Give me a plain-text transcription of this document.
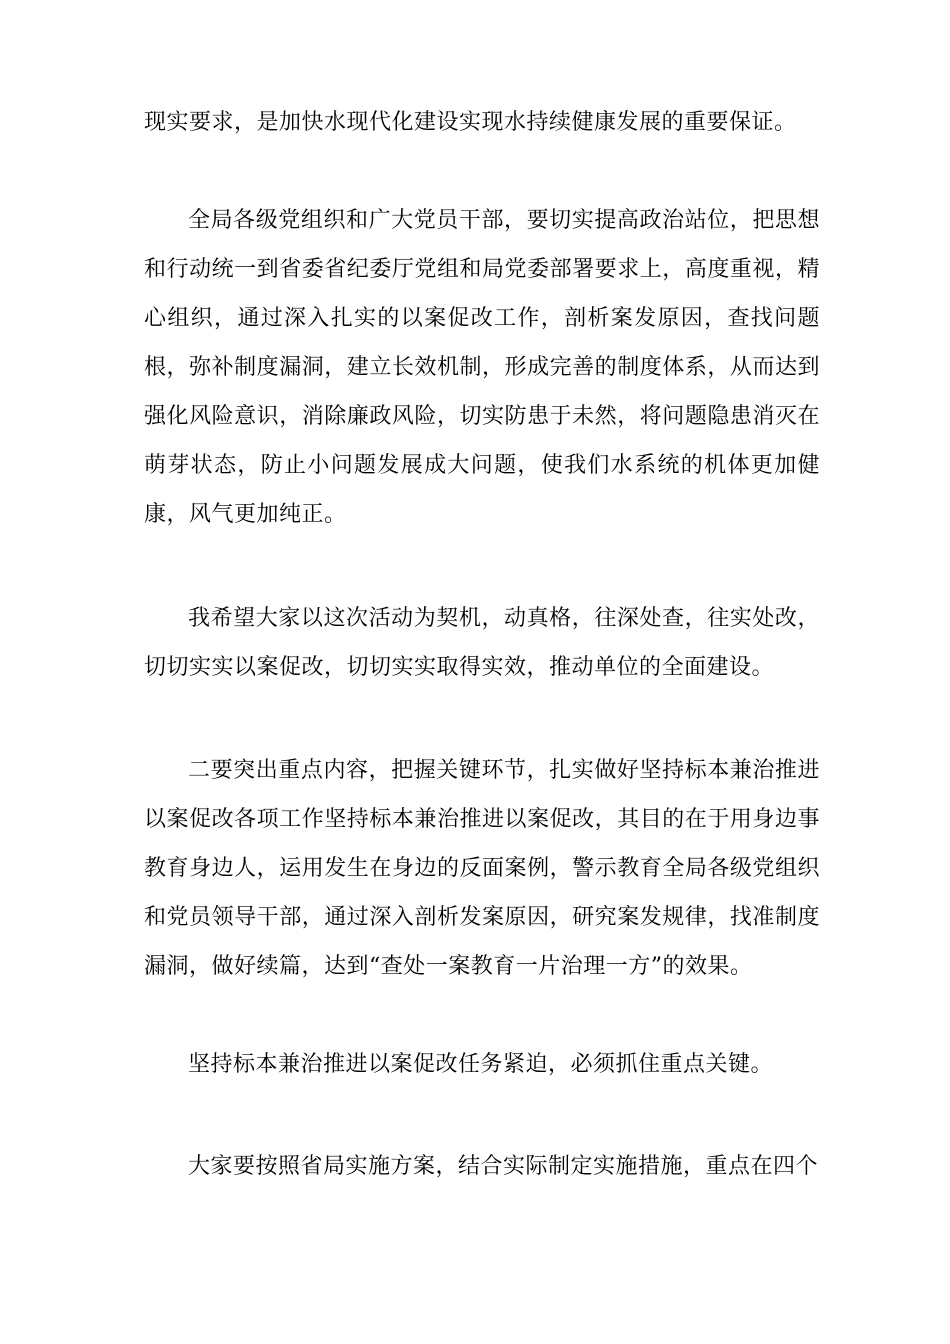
现实要求，是加快水现代化建设实现水持续健康发展的重要保证。

全局各级党组织和广大党员干部，要切实提高政治站位，把思想和行动统一到省委省纪委厅党组和局党委部署要求上，高度重视，精心组织，通过深入扎实的以案促改工作，剖析案发原因，查找问题根，弥补制度漏洞，建立长效机制，形成完善的制度体系，从而达到强化风险意识，消除廉政风险，切实防患于未然，将问题隐患消灭在萌芽状态，防止小问题发展成大问题，使我们水系统的机体更加健康，风气更加纯正。

我希望大家以这次活动为契机，动真格，往深处查，往实处改，切切实实以案促改，切切实实取得实效，推动单位的全面建设。

二要突出重点内容，把握关键环节，扎实做好坚持标本兼治推进以案促改各项工作坚持标本兼治推进以案促改，其目的在于用身边事教育身边人，运用发生在身边的反面案例，警示教育全局各级党组织和党员领导干部，通过深入剖析发案原因，研究案发规律，找准制度漏洞，做好续篇，达到“查处一案教育一片治理一方”的效果。

坚持标本兼治推进以案促改任务紧迫，必须抓住重点关键。

大家要按照省局实施方案，结合实际制定实施措施，重点在四个
